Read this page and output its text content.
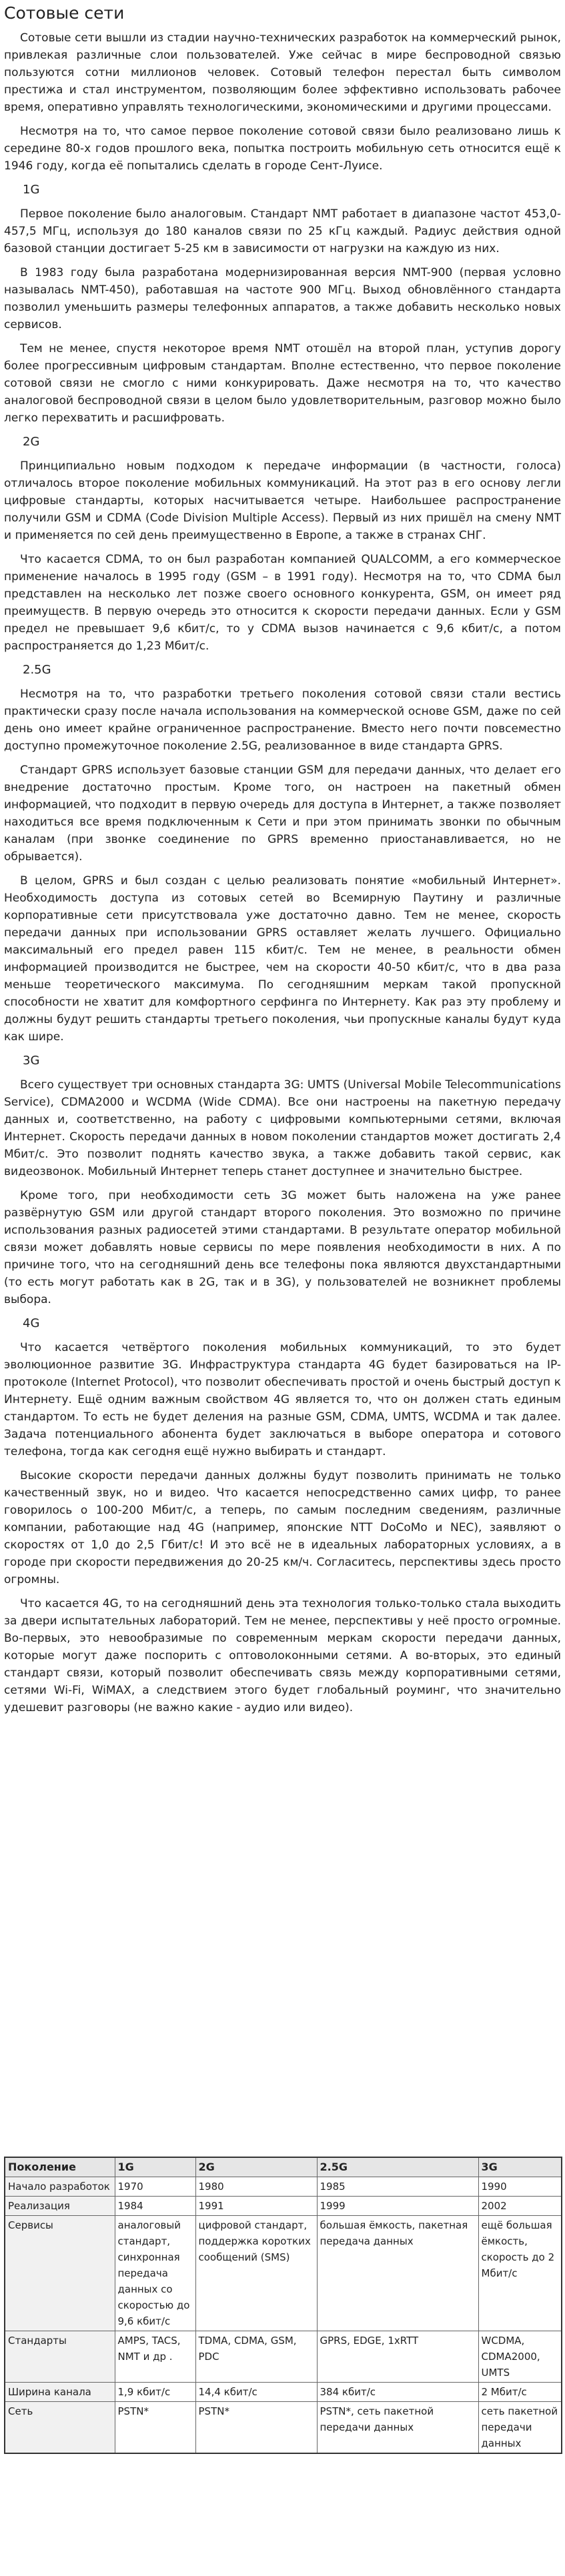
Сотовые сети

Сотовые сети вышли из стадии научно-технических разработок на коммерческий рынок, привлекая различные слои пользователей. Уже сейчас в мире беспроводной связью пользуются сотни миллионов человек. Сотовый телефон перестал быть символом престижа и стал инструментом, позволяющим более эффективно использовать рабочее время, оперативно управлять технологическими, экономическими и другими процессами.

Несмотря на то, что самое первое поколение сотовой связи было реализовано лишь к середине 80-х годов прошлого века, попытка построить мобильную сеть относится ещё к 1946 году, когда её попытались сделать в городе Сент-Луисе.

1G

Первое поколение было аналоговым. Стандарт NMT работает в диапазоне частот 453,0-457,5 МГц, используя до 180 каналов связи по 25 кГц каждый. Радиус действия одной базовой станции достигает 5-25 км в зависимости от нагрузки на каждую из них.

В 1983 году была разработана модернизированная версия NMT-900 (первая условно называлась NMT-450), работавшая на частоте 900 МГц. Выход обновлённого стандарта позволил уменьшить размеры телефонных аппаратов, а также добавить несколько новых сервисов.

Тем не менее, спустя некоторое время NMT отошёл на второй план, уступив дорогу более прогрессивным цифровым стандартам. Вполне естественно, что первое поколение сотовой связи не смогло с ними конкурировать. Даже несмотря на то, что качество аналоговой беспроводной связи в целом было удовлетворительным, разговор можно было легко перехватить и расшифровать.

2G

Принципиально новым подходом к передаче информации (в частности, голоса) отличалось второе поколение мобильных коммуникаций. На этот раз в его основу легли цифровые стандарты, которых насчитывается четыре. Наибольшее распространение получили GSM и CDMA (Code Division Multiple Access). Первый из них пришёл на смену NMT и применяется по сей день преимущественно в Европе, а также в странах СНГ.

Что касается CDMA, то он был разработан компанией QUALCOMM, а его коммерческое применение началось в 1995 году (GSM – в 1991 году). Несмотря на то, что CDMA был представлен на несколько лет позже своего основного конкурента, GSM, он имеет ряд преимуществ. В первую очередь это относится к скорости передачи данных. Если у GSM предел не превышает 9,6 кбит/с, то у CDMA вызов начинается с 9,6 кбит/с, а потом распространяется до 1,23 Мбит/с.

2.5G

Несмотря на то, что разработки третьего поколения сотовой связи стали вестись практически сразу после начала использования на коммерческой основе GSM, даже по сей день оно имеет крайне ограниченное распространение. Вместо него почти повсеместно доступно промежуточное поколение 2.5G, реализованное в виде стандарта GPRS.

Стандарт GPRS использует базовые станции GSM для передачи данных, что делает его внедрение достаточно простым. Кроме того, он настроен на пакетный обмен информацией, что подходит в первую очередь для доступа в Интернет, а также позволяет находиться все время подключенным к Сети и при этом принимать звонки по обычным каналам (при звонке соединение по GPRS временно приостанавливается, но не обрывается).

В целом, GPRS и был создан с целью реализовать понятие «мобильный Интернет». Необходимость доступа из сотовых сетей во Всемирную Паутину и различные корпоративные сети присутствовала уже достаточно давно. Тем не менее, скорость передачи данных при использовании GPRS оставляет желать лучшего. Официально максимальный его предел равен 115 кбит/с. Тем не менее, в реальности обмен информацией производится не быстрее, чем на скорости 40-50 кбит/с, что в два раза меньше теоретического максимума. По сегодняшним меркам такой пропускной способности не хватит для комфортного серфинга по Интернету. Как раз эту проблему и должны будут решить стандарты третьего поколения, чьи пропускные каналы будут куда как шире.

3G

Всего существует три основных стандарта 3G: UMTS (Universal Mobile Telecommunications Service), CDMA2000 и WCDMA (Wide CDMA). Все они настроены на пакетную передачу данных и, соответственно, на работу с цифровыми компьютерными сетями, включая Интернет. Скорость передачи данных в новом поколении стандартов может достигать 2,4 Мбит/с. Это позволит поднять качество звука, а также добавить такой сервис, как видеозвонок. Мобильный Интернет теперь станет доступнее и значительно быстрее.

Кроме того, при необходимости сеть 3G может быть наложена на уже ранее развёрнутую GSM или другой стандарт второго поколения. Это возможно по причине использования разных радиосетей этими стандартами. В результате оператор мобильной связи может добавлять новые сервисы по мере появления необходимости в них. А по причине того, что на сегодняшний день все телефоны пока являются двухстандартными (то есть могут работать как в 2G, так и в 3G), у пользователей не возникнет проблемы выбора.

4G

Что касается четвёртого поколения мобильных коммуникаций, то это будет эволюционное развитие 3G. Инфраструктура стандарта 4G будет базироваться на IP-протоколе (Internet Protocol), что позволит обеспечивать простой и очень быстрый доступ к Интернету. Ещё одним важным свойством 4G является то, что он должен стать единым стандартом. То есть не будет деления на разные GSM, CDMA, UMTS, WCDMA и так далее. Задача потенциального абонента будет заключаться в выборе оператора и сотового телефона, тогда как сегодня ещё нужно выбирать и стандарт.

Высокие скорости передачи данных должны будут позволить принимать не только качественный звук, но и видео. Что касается непосредственно самих цифр, то ранее говорилось о 100-200 Мбит/с, а теперь, по самым последним сведениям, различные компании, работающие над 4G (например, японские NTT DoCoMo и NEC), заявляют о скоростях от 1,0 до 2,5 Гбит/с! И это всё не в идеальных лабораторных условиях, а в городе при скорости передвижения до 20-25 км/ч. Согласитесь, перспективы здесь просто огромны.

Что касается 4G, то на сегодняшний день эта технология только-только стала выходить за двери испытательных лабораторий. Тем не менее, перспективы у неё просто огромные. Во-первых, это невообразимые по современным меркам скорости передачи данных, которые могут даже поспорить с оптоволоконными сетями. А во-вторых, это единый стандарт связи, который позволит обеспечивать связь между корпоративными сетями, сетями Wi-Fi, WiMAX, а следствием этого будет глобальный роуминг, что значительно удешевит разговоры (не важно какие - аудио или видео).

Поколение	1G	2G	2.5G	3G
Начало разработок	1970	1980	1985	1990
Реализация	1984	1991	1999	2002
Сервисы	аналоговый стандарт, синхронная передача данных со скоростью до 9,6 кбит/с	цифровой стандарт, поддержка коротких сообщений (SMS)	большая ёмкость, пакетная передача данных	ещё большая ёмкость, скорость до 2 Мбит/с
Стандарты	AMPS, TACS, NMT и др .	TDMA, CDMA, GSM, PDC	GPRS, EDGE, 1xRTT	WCDMA, CDMA2000, UMTS
Ширина канала	1,9 кбит/с	14,4 кбит/с	384 кбит/с	2 Мбит/с
Сеть	PSTN*	PSTN*	PSTN*, сеть пакетной передачи данных	сеть пакетной передачи данных
